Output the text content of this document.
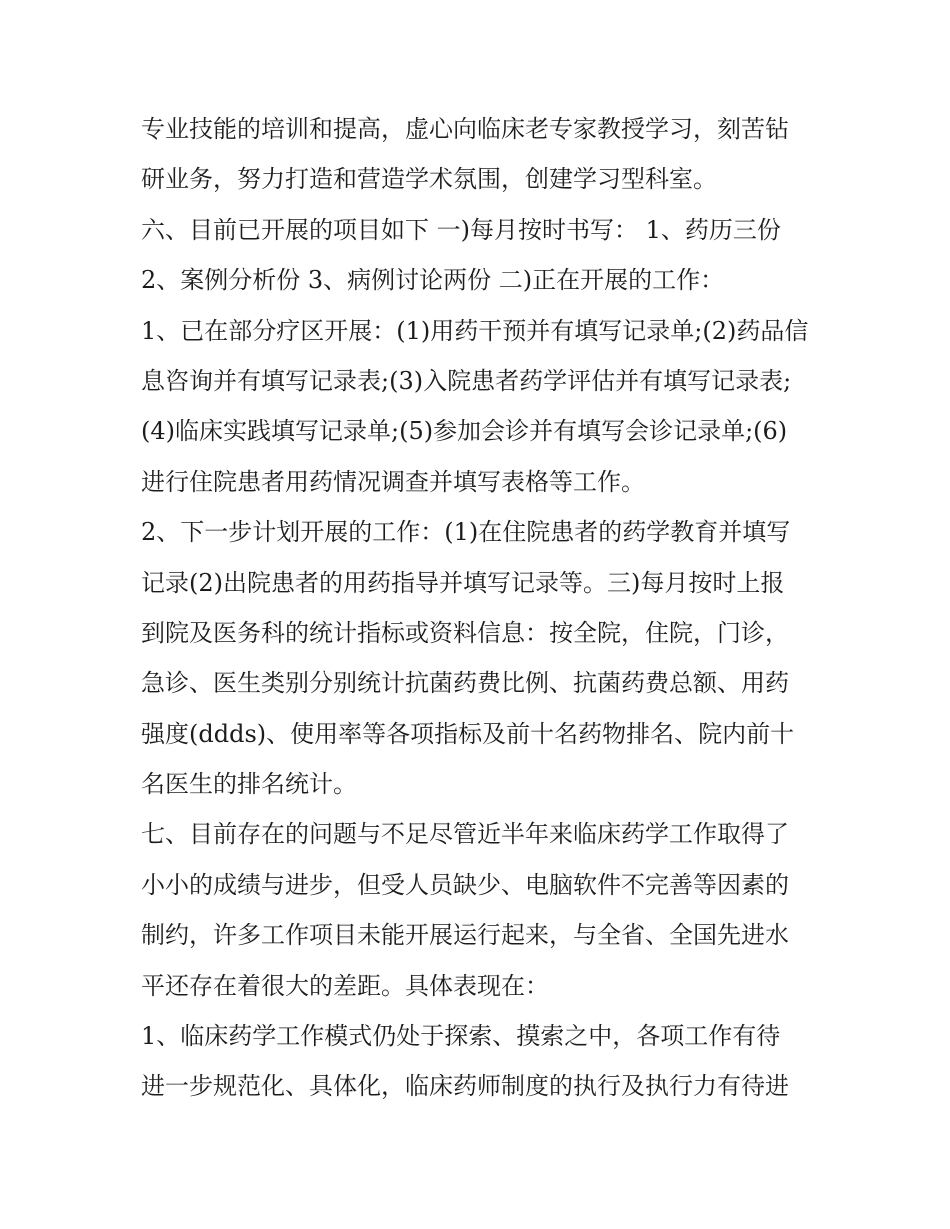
专业技能的培训和提高，虚心向临床老专家教授学习，刻苦钻
研业务，努力打造和营造学术氛围，创建学习型科室。
六、目前已开展的项目如下 一)每月按时书写： 1、药历三份
2、案例分析份 3、病例讨论两份 二)正在开展的工作：
1、已在部分疗区开展：(1)用药干预并有填写记录单;(2)药品信
息咨询并有填写记录表;(3)入院患者药学评估并有填写记录表;
(4)临床实践填写记录单;(5)参加会诊并有填写会诊记录单;(6)
进行住院患者用药情况调查并填写表格等工作。
2、下一步计划开展的工作：(1)在住院患者的药学教育并填写
记录(2)出院患者的用药指导并填写记录等。三)每月按时上报
到院及医务科的统计指标或资料信息：按全院，住院，门诊，
急诊、医生类别分别统计抗菌药费比例、抗菌药费总额、用药
强度(ddds)、使用率等各项指标及前十名药物排名、院内前十
名医生的排名统计。
七、目前存在的问题与不足尽管近半年来临床药学工作取得了
小小的成绩与进步，但受人员缺少、电脑软件不完善等因素的
制约，许多工作项目未能开展运行起来，与全省、全国先进水
平还存在着很大的差距。具体表现在：
1、临床药学工作模式仍处于探索、摸索之中，各项工作有待
进一步规范化、具体化，临床药师制度的执行及执行力有待进
